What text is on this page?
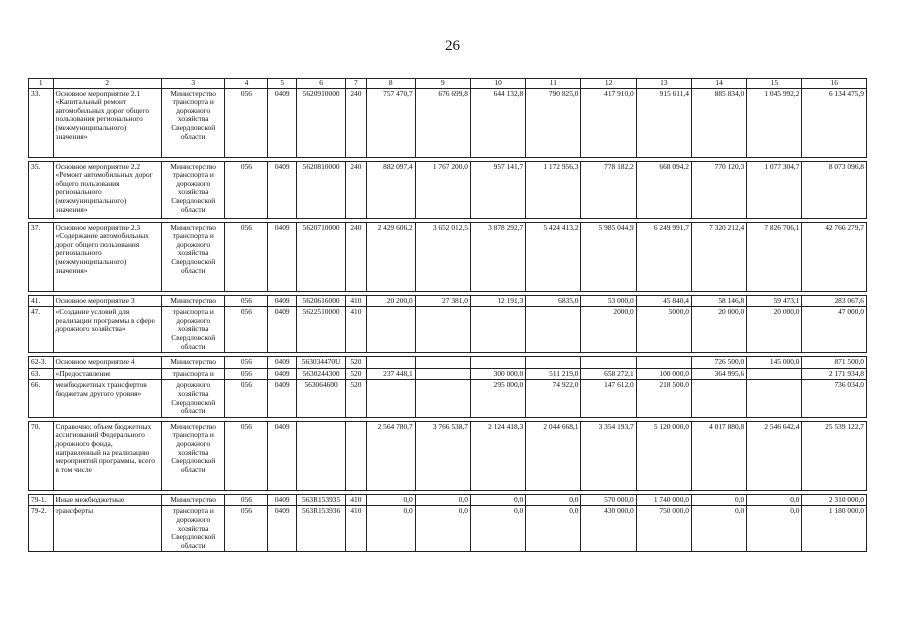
26
1	2	3	4	5	6	7	8	9	10	11	12	13	14	15	16
33.	Основное мероприятие 2.1 «Капитальный ремонт автомобильных дорог общего пользования регионального (межмуниципального) значения»	Министерство транспорта и дорожного хозяйства Свердловской области	056	0409	5620910000	240	757 470,7	676 699,8	644 132,8	790 825,0	417 910,0	915 611,4	885 834,0	1 045 992,2	6 134 475,9

35.	Основное мероприятие 2.2 «Ремонт автомобильных дорог общего пользования регионального (межмуниципального) значения»	Министерство транспорта и дорожного хозяйства Свердловской области	056	0409	5620810000	240	882 097,4	1 767 200,0	957 141,7	1 172 956,3	778 182,2	668 094,2	770 120,3	1 077 304,7	8 073 096,8

37.	Основное мероприятие 2.3 «Содержание автомобильных дорог общего пользования регионального (межмуниципального) значения»	Министерство транспорта и дорожного хозяйства Свердловской области	056	0409	5620710000	240	2 429 606,2	3 652 012,5	3 878 292,7	5 424 413,2	5 985 044,9	6 249 991,7	7 320 212,4	7 826 706,1	42 766 279,7

41.	Основное мероприятие 3	Министерство	056	0409	5620616000	410	20 200,0	27 381,0	12 191,3	6835,0	53 000,0	45 840,4	58 146,8	59 473,1	283 067,6
47.	«Создание условий для реализации программы в сфере дорожного хозяйства»	транспорта и дорожного хозяйства Свердловской области	056	0409	5622510000	410					2000,0	5000,0	20 000,0	20 000,0	47 000,0

62-3.	Основное мероприятие 4	Министерство	056	0409	563034470U	520							726 500,0	145 000,0	871 500,0
63.	«Предоставление	транспорта и	056	0409	5630244300	520	237 448,1		300 000,0	511 219,0	658 272,1	100 000,0	364 995,6		2 171 934,8
66.	межбюджетных трансфертов бюджетам другого уровня»	дорожного хозяйства Свердловской области	056	0409	563064600	520			295 000,0	74 922,0	147 612,0	218 500,0			736 034,0

70.	Справочно: объем бюджетных ассигнований Федерального дорожного фонда, направленный на реализацию мероприятий программы, всего в том числе	Министерство транспорта и дорожного хозяйства Свердловской области	056	0409			2 564 780,7	3 766 538,7	2 124 418,3	2 044 668,1	3 354 193,7	5 120 000,0	4 017 880,8	2 546 642,4	25 539 122,7

79-1.	Иные межбюджетные	Министерство	056	0409	563R153935	410	0,0	0,0	0,0	0,0	570 000,0	1 740 000,0	0,0	0,0	2 310 000,0
79-2.	трансферты	транспорта и дорожного хозяйства Свердловской области	056	0409	563R153936	410	0,0	0,0	0,0	0,0	430 000,0	750 000,0	0,0	0,0	1 180 000,0
